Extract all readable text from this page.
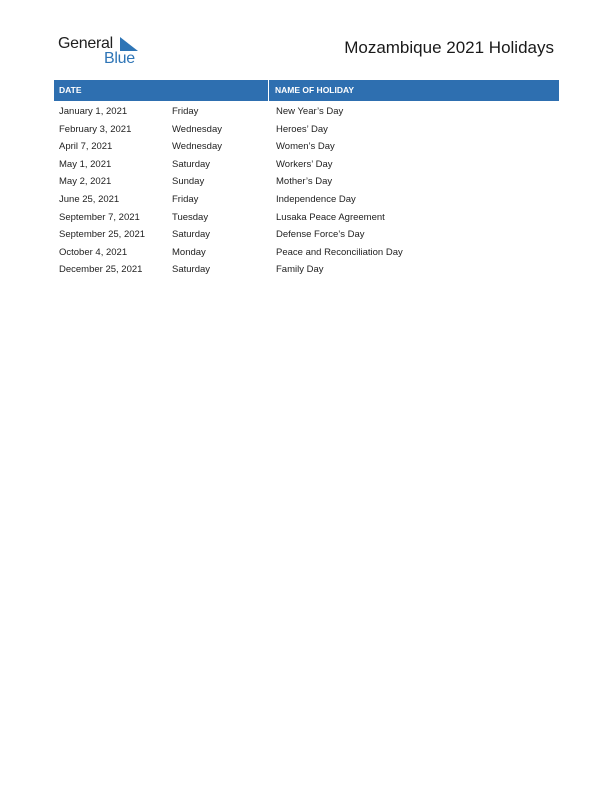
General
Blue
Mozambique 2021 Holidays
DATE	NAME OF HOLIDAY
January 1, 2021	Friday	New Year’s Day
February 3, 2021	Wednesday	Heroes’ Day
April 7, 2021	Wednesday	Women’s Day
May 1, 2021	Saturday	Workers’ Day
May 2, 2021	Sunday	Mother’s Day
June 25, 2021	Friday	Independence Day
September 7, 2021	Tuesday	Lusaka Peace Agreement
September 25, 2021	Saturday	Defense Force’s Day
October 4, 2021	Monday	Peace and Reconciliation Day
December 25, 2021	Saturday	Family Day
